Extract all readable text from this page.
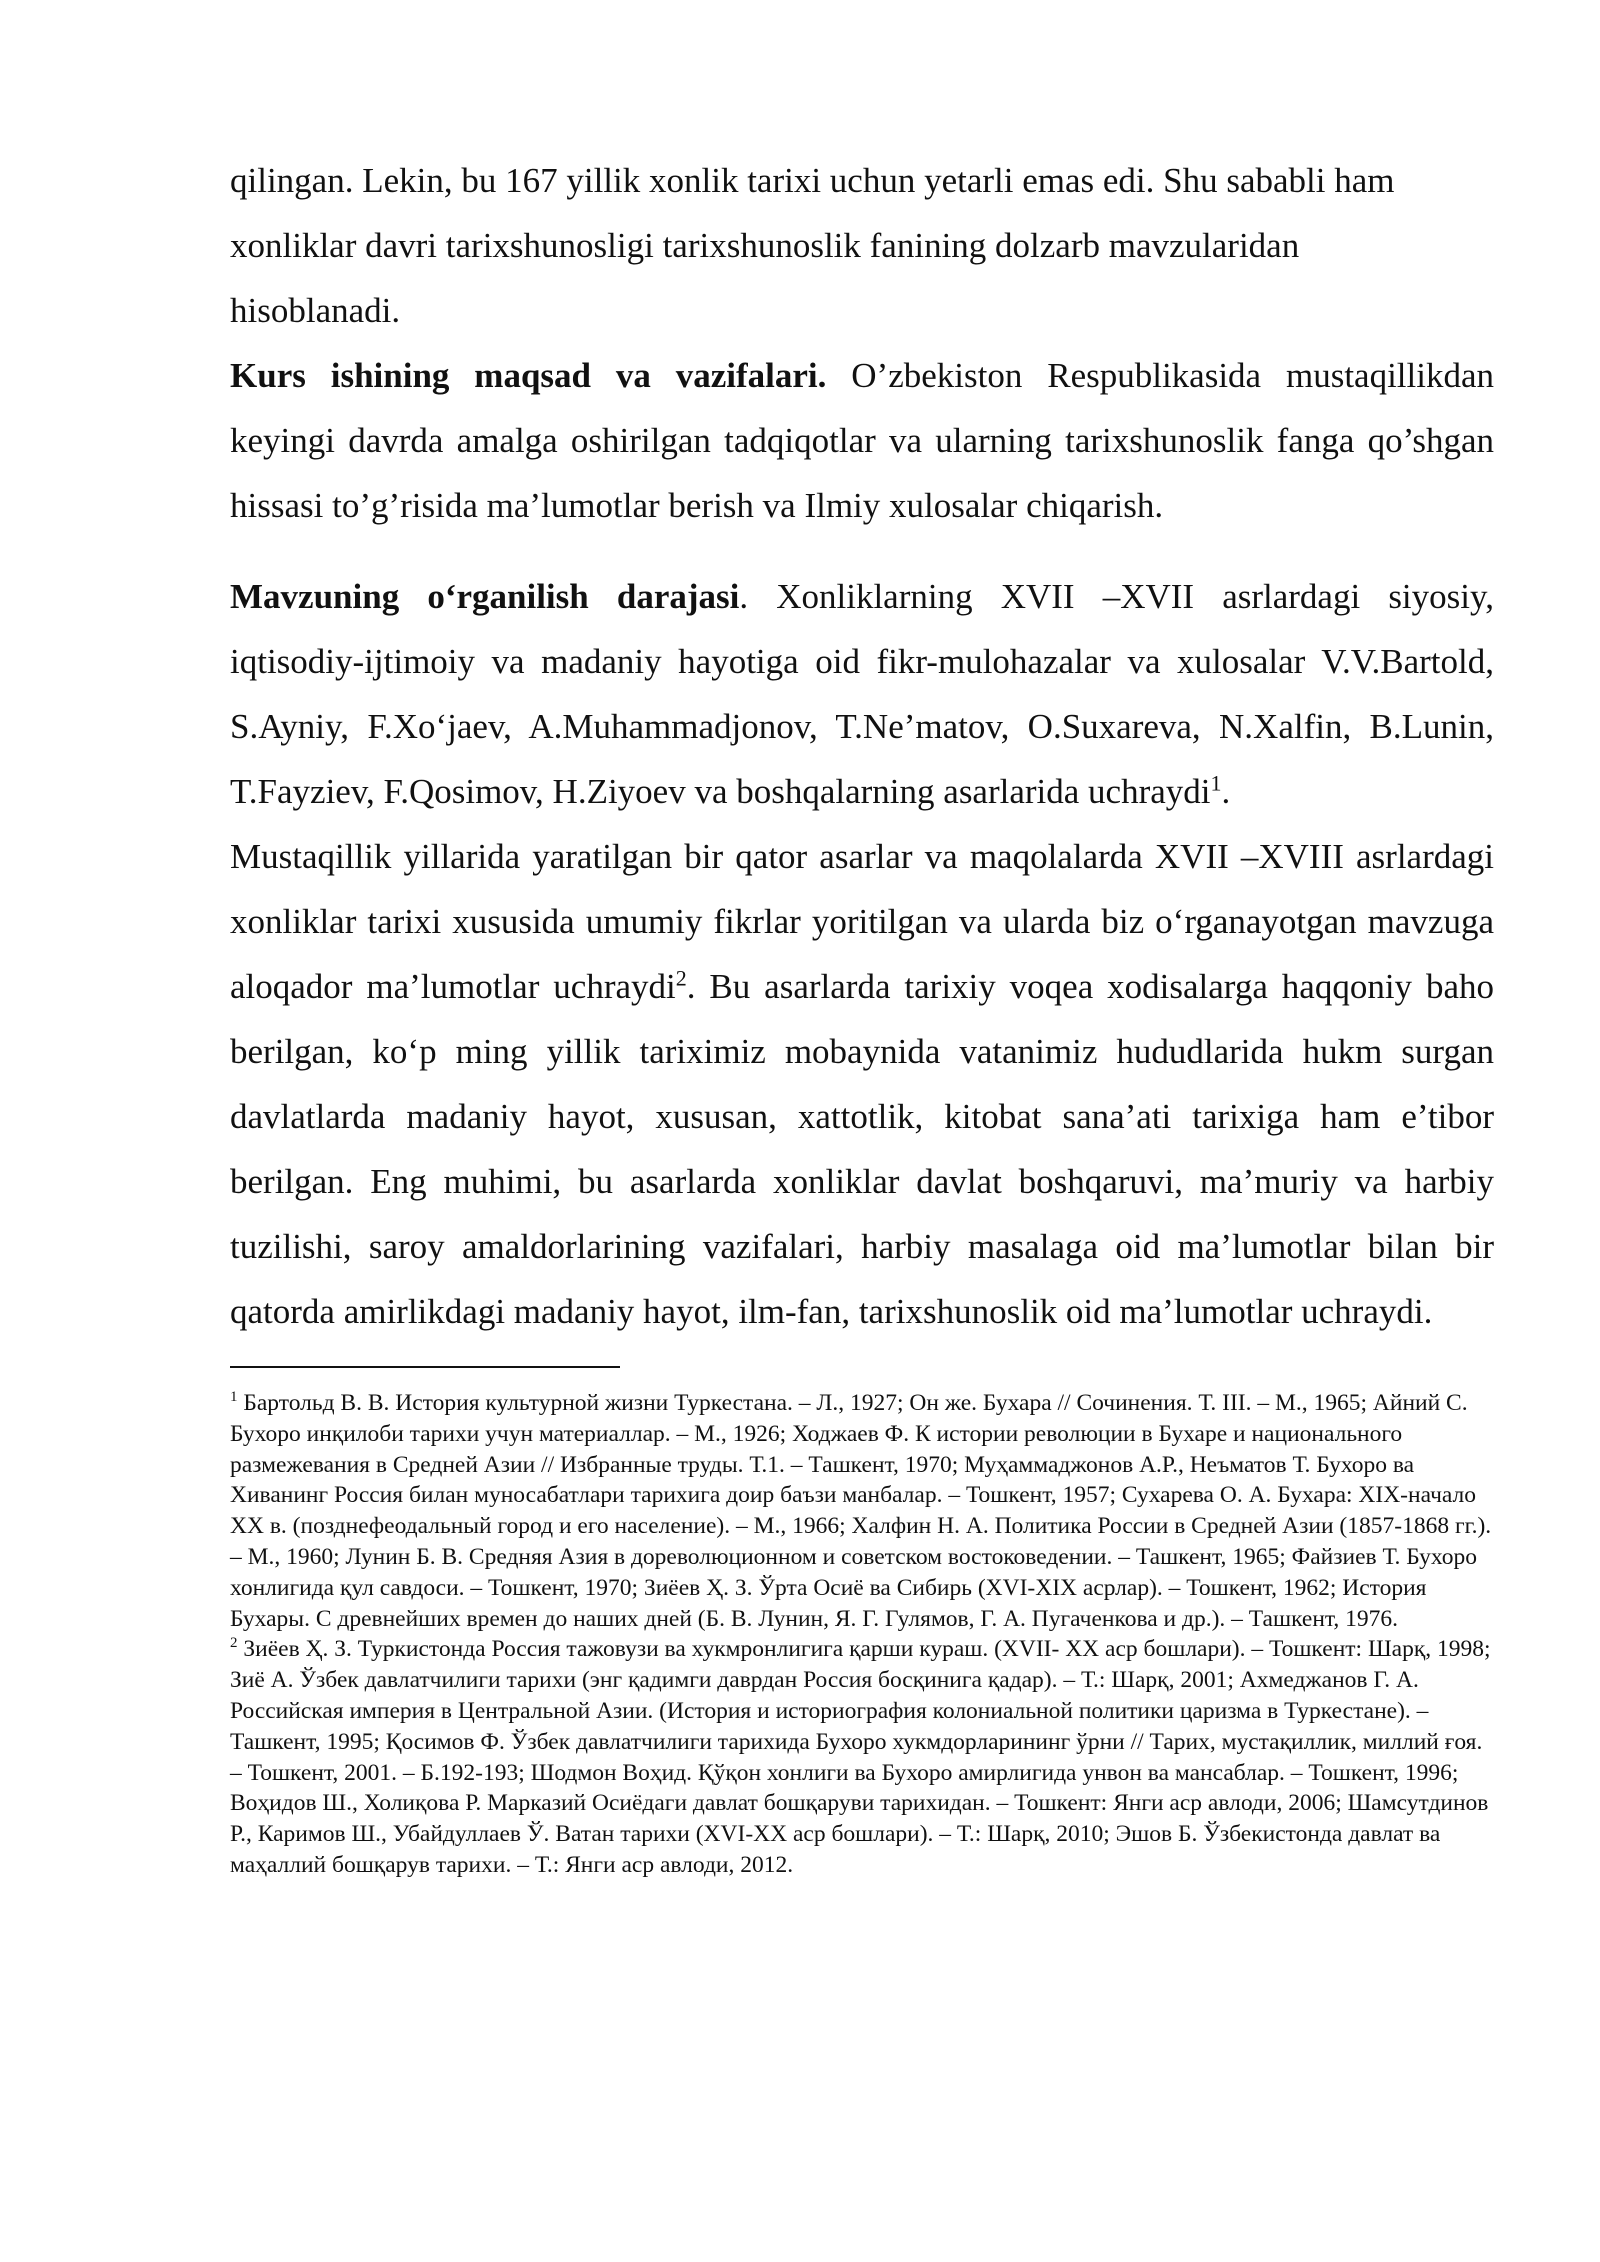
qilingan. Lekin, bu 167 yillik xonlik tarixi uchun yetarli emas edi. Shu sababli ham
xonliklar davri tarixshunosligi tarixshunoslik fanining dolzarb mavzularidan
hisoblanadi.

Kurs ishining maqsad va vazifalari. O’zbekiston Respublikasida mustaqillikdan keyingi davrda amalga oshirilgan tadqiqotlar va ularning tarixshunoslik fanga qo’shgan hissasi to’g’risida ma’lumotlar berish va Ilmiy xulosalar chiqarish.

Mavzuning o‘rganilish darajasi. Xonliklarning XVII –XVII asrlardagi siyosiy, iqtisodiy-ijtimoiy va madaniy hayotiga oid fikr-mulohazalar va xulosalar V.V.Bartold, S.Ayniy, F.Xo‘jaev, A.Muhammadjonov, T.Ne’matov, O.Suxareva, N.Xalfin, B.Lunin, T.Fayziev, F.Qosimov, H.Ziyoev va boshqalarning asarlarida uchraydi$^1$.

Mustaqillik yillarida yaratilgan bir qator asarlar va maqolalarda XVII –XVIII asrlardagi xonliklar tarixi xususida umumiy fikrlar yoritilgan va ularda biz o‘rganayotgan mavzuga aloqador ma’lumotlar uchraydi$^2$. Bu asarlarda tarixiy voqea xodisalarga haqqoniy baho berilgan, ko‘p ming yillik tariximiz mobaynida vatanimiz hududlarida hukm surgan davlatlarda madaniy hayot, xususan, xattotlik, kitobat sana’ati tarixiga ham e’tibor berilgan. Eng muhimi, bu asarlarda xonliklar davlat boshqaruvi, ma’muriy va harbiy tuzilishi, saroy amaldorlarining vazifalari, harbiy masalaga oid ma’lumotlar bilan bir qatorda amirlikdagi madaniy hayot, ilm-fan, tarixshunoslik oid ma’lumotlar uchraydi.

$^1$ Бартольд В. В. История культурной жизни Туркестана. – Л., 1927; Он же. Бухара // Сочинения. Т. III. – М., 1965; Айний С. Бухоро инқилоби тарихи учун материаллар. – М., 1926; Ходжаев Ф. К истории революции в Бухаре и национального размежевания в Средней Азии // Избранные труды. Т.1. – Ташкент, 1970; Муҳаммаджонов А.Р., Неъматов Т. Бухоро ва Хиванинг Россия билан муносабатлари тарихига доир баъзи манбалар. – Тошкент, 1957; Сухарева О. А. Бухара: XIX-начало XX в. (позднефеодальный город и его население). – М., 1966; Халфин Н. А. Политика России в Средней Азии (1857-1868 гг.). – М., 1960; Лунин Б. В. Средняя Азия в дореволюционном и советском востоковедении. – Ташкент, 1965; Файзиев Т. Бухоро хонлигида қул савдоси. – Тошкент, 1970; Зиёев Ҳ. З. Ўрта Осиё ва Сибирь (XVI-XIX асрлар). – Тошкент, 1962; История Бухары. С древнейших времен до наших дней (Б. В. Лунин, Я. Г. Гулямов, Г. А. Пугаченкова и др.). – Ташкент, 1976.

$^2$ Зиёев Ҳ. З. Туркистонда Россия тажовузи ва хукмронлигига қарши кураш. (XVII- XX аср бошлари). – Тошкент: Шарқ, 1998; Зиё А. Ўзбек давлатчилиги тарихи (энг қадимги даврдан Россия босқинига қадар). – Т.: Шарқ, 2001; Ахмеджанов Г. А. Российская империя в Центральной Азии. (История и историография колониальной политики царизма в Туркестане). – Ташкент, 1995; Қосимов Ф. Ўзбек давлатчилиги тарихида Бухоро хукмдорларининг ўрни // Тарих, мустақиллик, миллий ғоя. – Тошкент, 2001. – Б.192-193; Шодмон Воҳид. Қўқон хонлиги ва Бухоро амирлигида унвон ва мансаблар. – Тошкент, 1996; Воҳидов Ш., Холиқова Р. Марказий Осиёдаги давлат бошқаруви тарихидан. – Тошкент: Янги аср авлоди, 2006; Шамсутдинов Р., Каримов Ш., Убайдуллаев Ў. Ватан тарихи (XVI-XX аср бошлари). – Т.: Шарқ, 2010; Эшов Б. Ўзбекистонда давлат ва маҳаллий бошқарув тарихи. – Т.: Янги аср авлоди, 2012.
